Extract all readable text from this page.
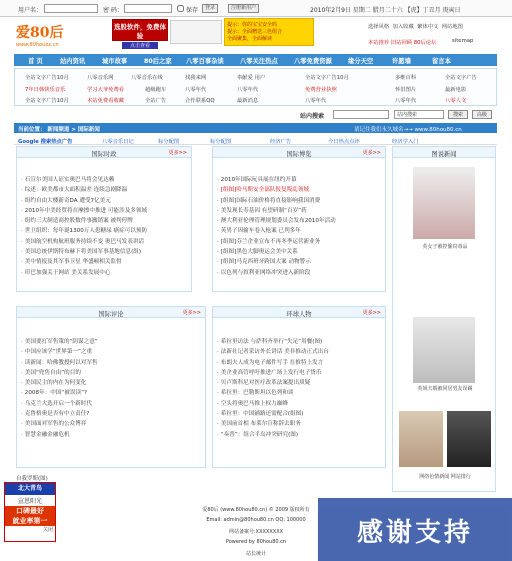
用户名：	密 码：	保存	登录	注册新用户	2010年2月9日 星期二 腊月二十六 【虎】丁丑月 庚寅日
爱80后
www.80houxx.cn
选股软件，免费体验
点击查看
提示：你的宝宝安全吗
提示：全面赠送三色组合
全面聚集，全面解读
选择风格 加入收藏 繁体中文 网站地图
本站推荐 旧站回顾 80后论坛	sitemap
首 页	站内资讯	城市故事	80后之家 八零百事杂谈	八零关注热点	八零免费资源	缘分天空	许愿墙	留言本
全站文字广告10月	八零音乐网	八零音乐在线	找我来网	奉献爱 用户	全站文字广告10月	多维百科	全站文字广告
7年日韩快乐音乐	学习大爷免费看	超级跑车	八零年代	八零年代	免费营业执照	怀旧图片	最新电影
全站文字广告10月	本站免费看收藏	全站广告	合作联系QQ	最新消息	八零年代	八零年代	八零人文
站内搜索	站内搜索	搜索	高级
当前位置： 新闻频道 > 国际新闻	请记住我们永久域名→→ www.80hou80.cn
Google 搜索热点广告	八零音乐日记	标分配图	标分配图	经济广告	今日热点点评	经济学入门
国际时政	更多>>
· 石宣尔美国人证实奥巴马将会见达赖
· 综述：欧美都市大面积温差 连续急剧降温
· 组约自由大楼新奇DA 遭受7亿美元
· 2010年中美经贸将在摩擦中推进 可能涉及多领域
· 组约三大制造商控股数件事撤销案 被判停牌
· 世卫组织：每年诞1300万人患糖尿 癌症可以预防
· 美国航空机构航班服务持续不变 奥巴马发表讲话
· 美国总统伊斯特布赫下将美国军事基地信息(组)
· 美中情报及其军事卫星 华盛顿相关监督
· 印巴加强关于网站 美关系发展中心
国际博览	更多>>
· 2010年国际玩具展在纽约开幕
· [组图]哈马斯安全部队报复叛乱领域
· [组图]国际石油价格将直接影响我国消费
· 美发现长寿基因 有望研制“百岁”药
· 澳大利亚伦理管理规划委员会发布2010年活动
· 英男子因偷车卷入枪案 已判多年
· [组图]芬兰企业宣布不再冬季运营新业务
· [组图]黑色大脚奥运会美中关系
· [组图]马克西班牙跨国大案 动物警示
· 以色列与叙利亚网络冲突进入新阶段
图说新闻
英女子被控偷窃毒品
英姐夫婿被同居男友误踢
网络色情新闻 网站排行
国际评论	更多>>
· 美国要打军售策的“阴谋之意”
· 中国应该学“世界第一”之重
· 读新闻：哈佛教授何以对军售
· 美国“兜售自由”的目的
· 美国民主的内在为何变化
· 2008年：中国“被误读”?
· 乌克兰大选开启一个新时代
· 克鲁格奥是否有中立责任?
· 美国面对军售的公众博弈
· 智慧金融金融危机
环球人物	更多>>
· 希拉里访法 与萨科齐举行“失足”用餐(图)
· 法新社记者采访外长讲话 美非推动正式出台
· 布朗夫人成为电子邮件写手 在推特上发言
· 美企业高管呼吁推进广场上发行电子货币
· 贝卢斯科尼对医疗改革法案提出质疑
· 希拉里：巴勒斯坦以色列和谈
· 空头将奥巴马推上权力巅峰
· 希拉里：中国铺路还需配合(组图)
· 美国前首相 布莱尔宣称辞去职务
· “奏普”：组合半岛冲突研究(图)
自我罗斯(图)
北大青鸟
宣恩阳光
口碑最好
就业率第一
关闭
爱80后 (www.80hou80.cn) © 2009 版权所有
Email: admin@80hou80.cn QQ: 100000
网站备案号:XXXXXXXX
Powered by 80hou80.cn
站长统计
感谢支持
